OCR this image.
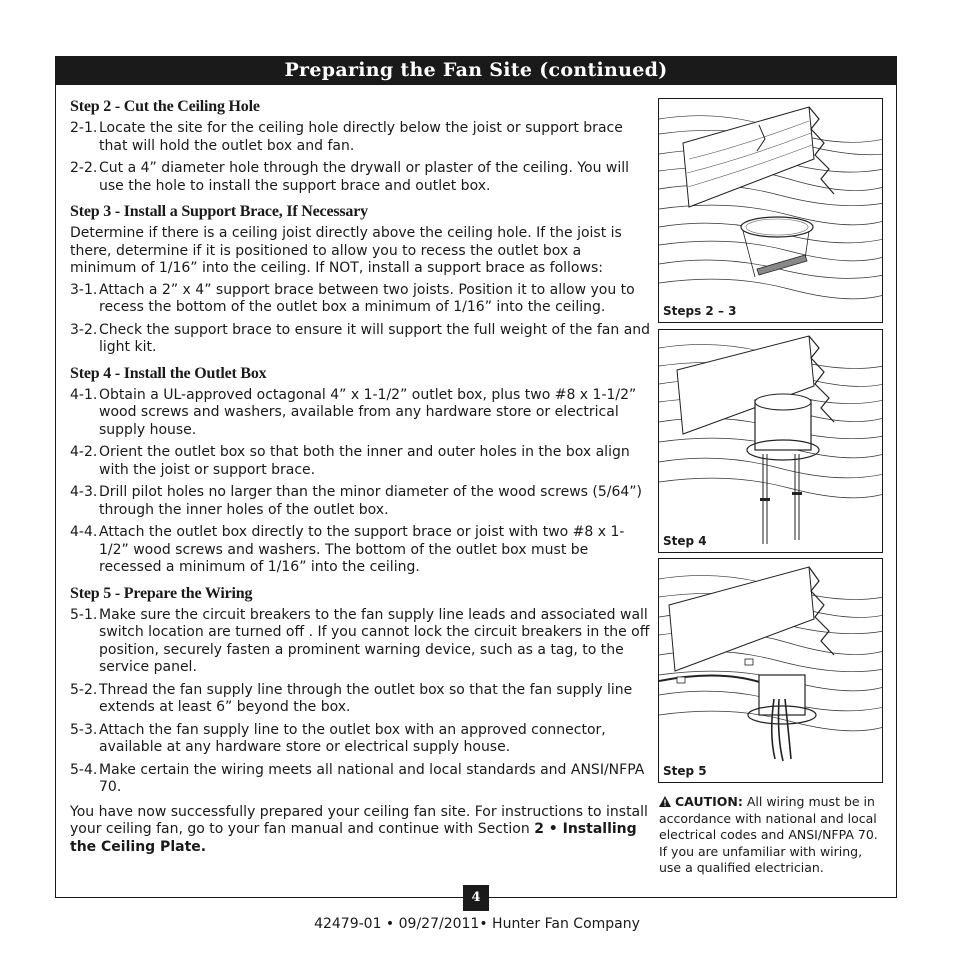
Preparing the Fan Site (continued)
Step 2 - Cut the Ceiling Hole
2-1. Locate the site for the ceiling hole directly below the joist or support brace that will hold the outlet box and fan.
2-2. Cut a 4” diameter hole through the drywall or plaster of the ceiling. You will use the hole to install the support brace and outlet box.
Step 3 - Install a Support Brace, If Necessary
Determine if there is a ceiling joist directly above the ceiling hole. If the joist is there, determine if it is positioned to allow you to recess the outlet box a minimum of 1/16” into the ceiling. If NOT, install a support brace as follows:
3-1. Attach a 2” x 4” support brace between two joists. Position it to allow you to recess the bottom of the outlet box a minimum of 1/16” into the ceiling.
3-2. Check the support brace to ensure it will support the full weight of the fan and light kit.
Step 4 - Install the Outlet Box
4-1. Obtain a UL-approved octagonal 4” x 1-1/2” outlet box, plus two #8 x 1-1/2” wood screws and washers, available from any hardware store or electrical supply house.
4-2. Orient the outlet box so that both the inner and outer holes in the box align with the joist or support brace.
4-3. Drill pilot holes no larger than the minor diameter of the wood screws (5/64”) through the inner holes of the outlet box.
4-4. Attach the outlet box directly to the support brace or joist with two #8 x 1-1/2” wood screws and washers. The bottom of the outlet box must be recessed a minimum of 1/16” into the ceiling.
Step 5 - Prepare the Wiring
5-1. Make sure the circuit breakers to the fan supply line leads and associated wall switch location are turned off . If you cannot lock the circuit breakers in the off position, securely fasten a prominent warning device, such as a tag, to the service panel.
5-2. Thread the fan supply line through the outlet box so that the fan supply line extends at least 6” beyond the box.
5-3. Attach the fan supply line to the outlet box with an approved connector, available at any hardware store or electrical supply house.
5-4. Make certain the wiring meets all national and local standards and ANSI/NFPA 70.
You have now successfully prepared your ceiling fan site. For instructions to install your ceiling fan, go to your fan manual and continue with Section 2 • Installing the Ceiling Plate.
Steps 2 – 3
Step 4
Step 5
CAUTION: All wiring must be in accordance with national and local electrical codes and ANSI/NFPA 70. If you are unfamiliar with wiring, use a qualified electrician.
4
42479-01 • 09/27/2011• Hunter Fan Company
